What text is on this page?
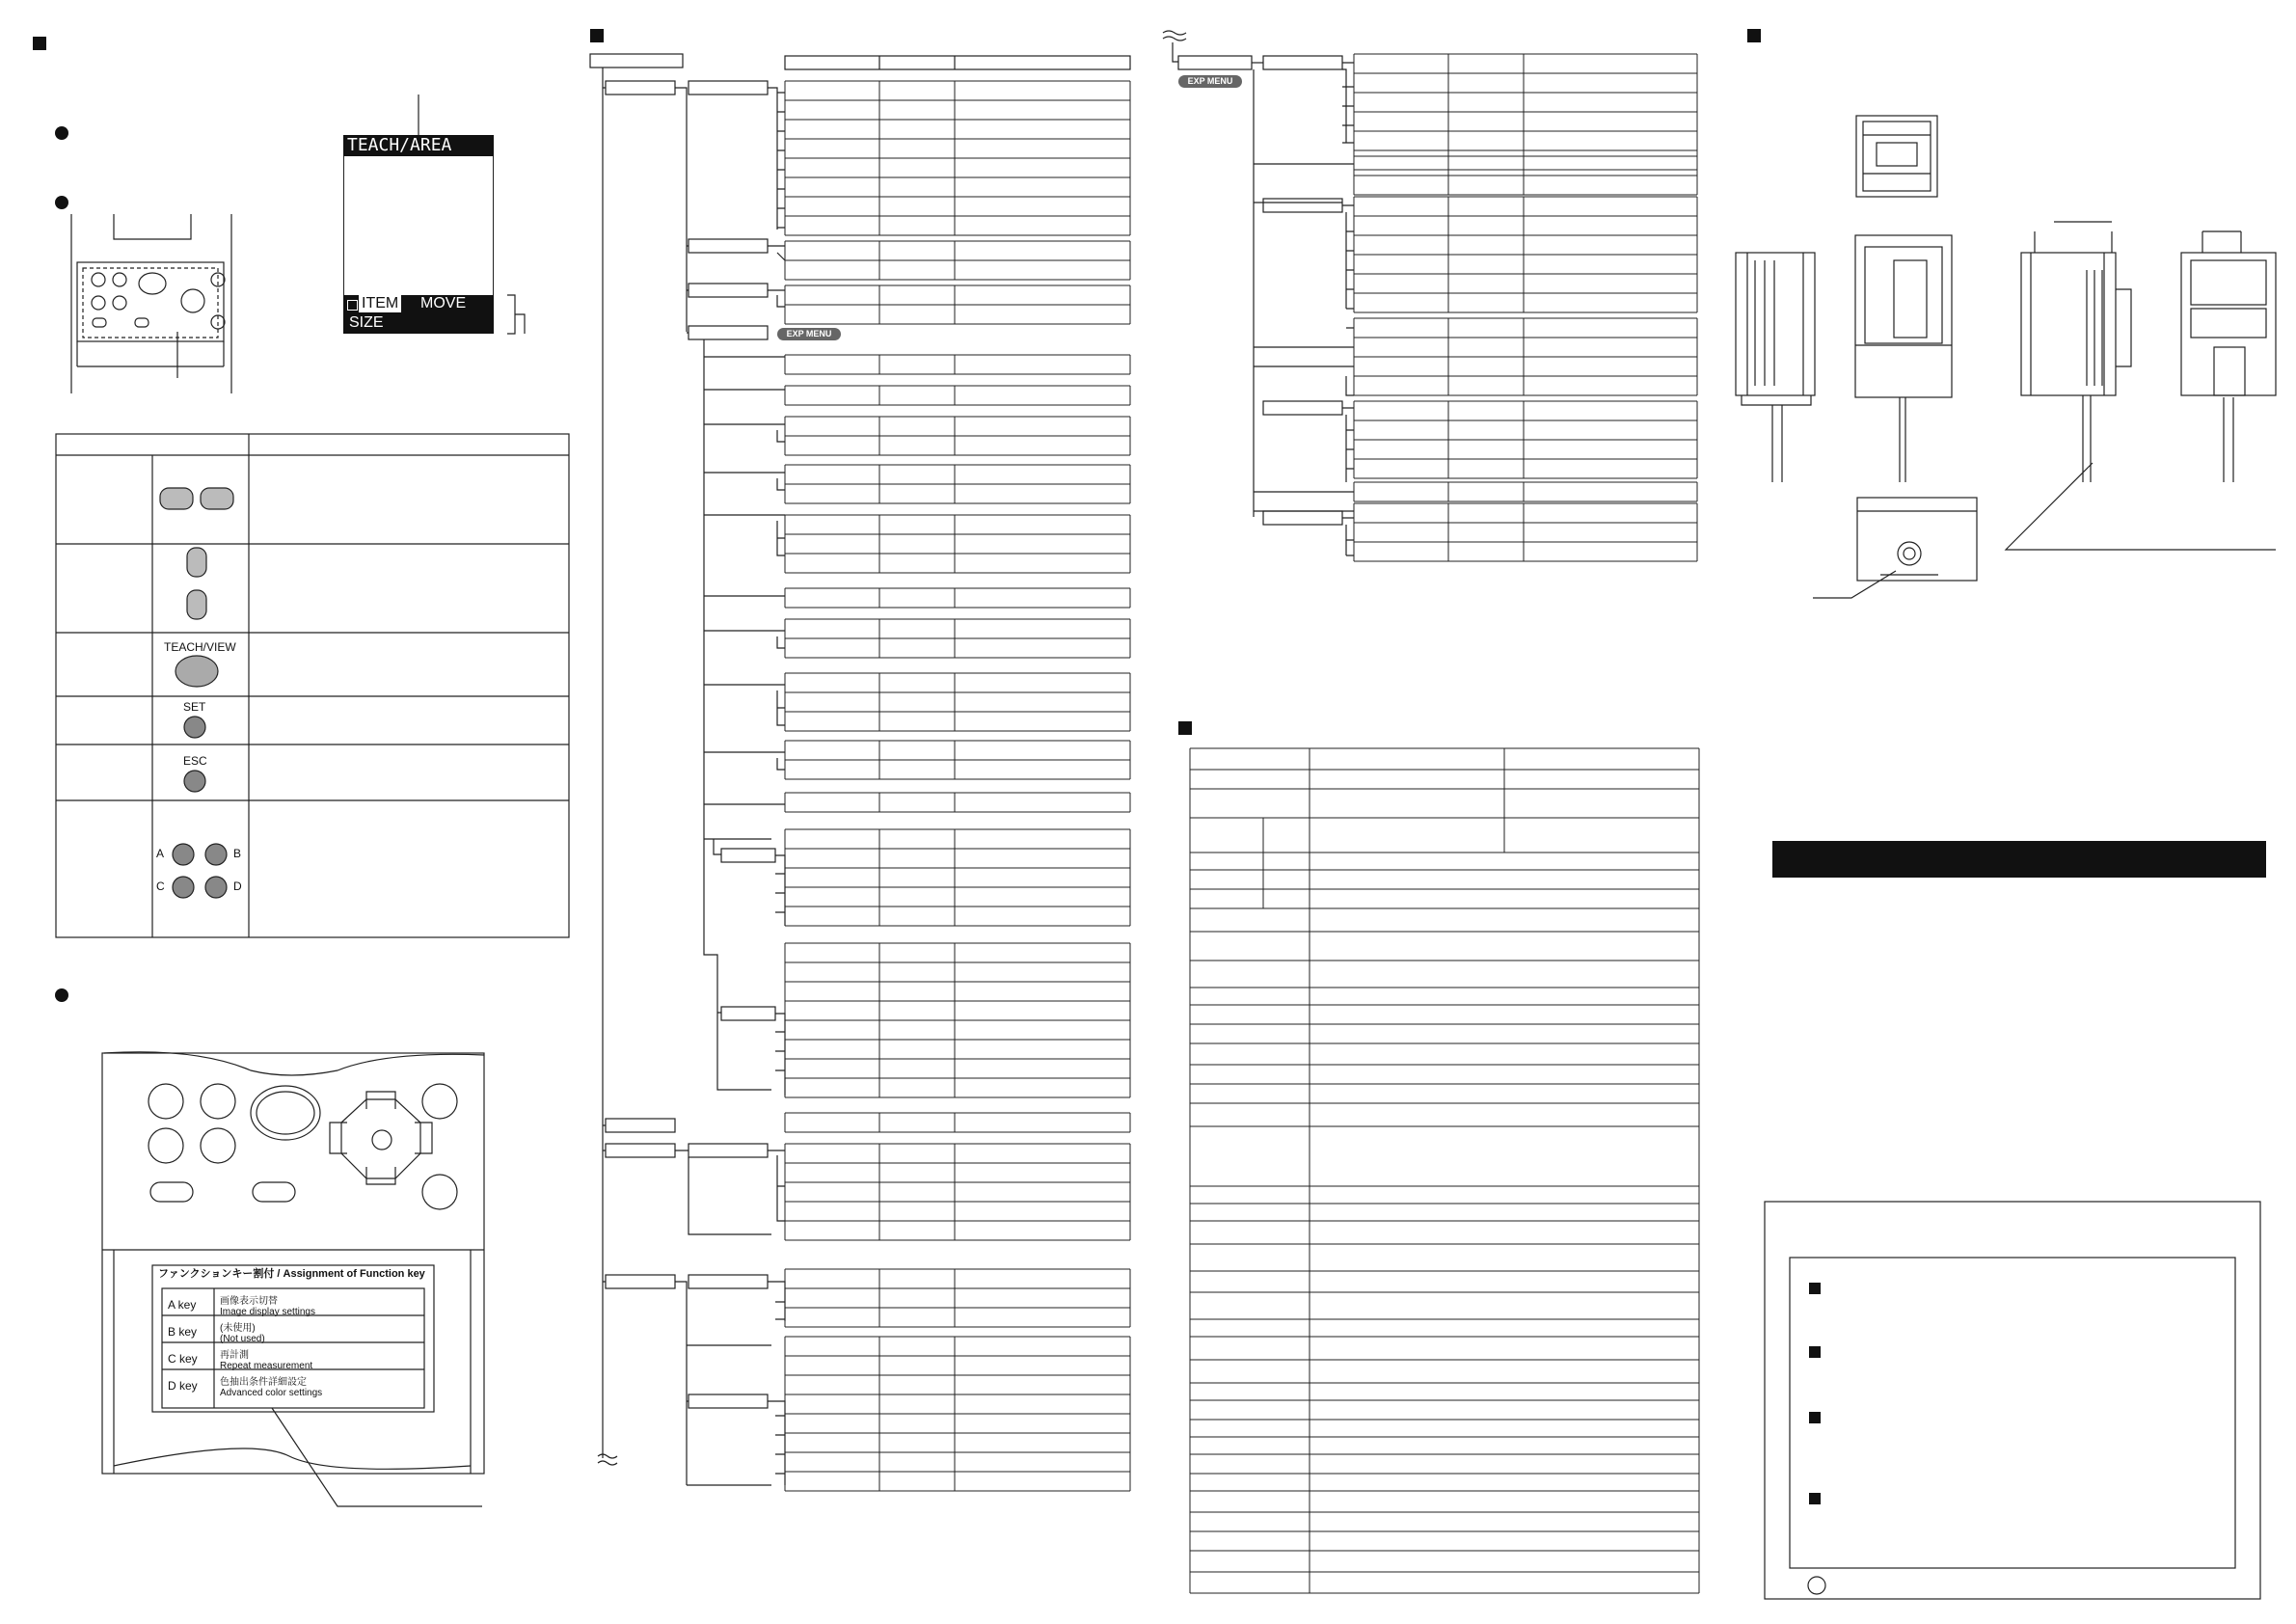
TEACH/AREA
ITEM MOVE
SIZE
TEACH/VIEW
SET
ESC
A	B
C	D
ファンクションキー割付 / Assignment of Function key
A key 画像表示切替
Image display settings
B key (未使用)
(Not used)
C key 再計測
Repeat measurement
D key 色抽出条件詳細設定
Advanced color settings
EXP MENU
EXP MENU
